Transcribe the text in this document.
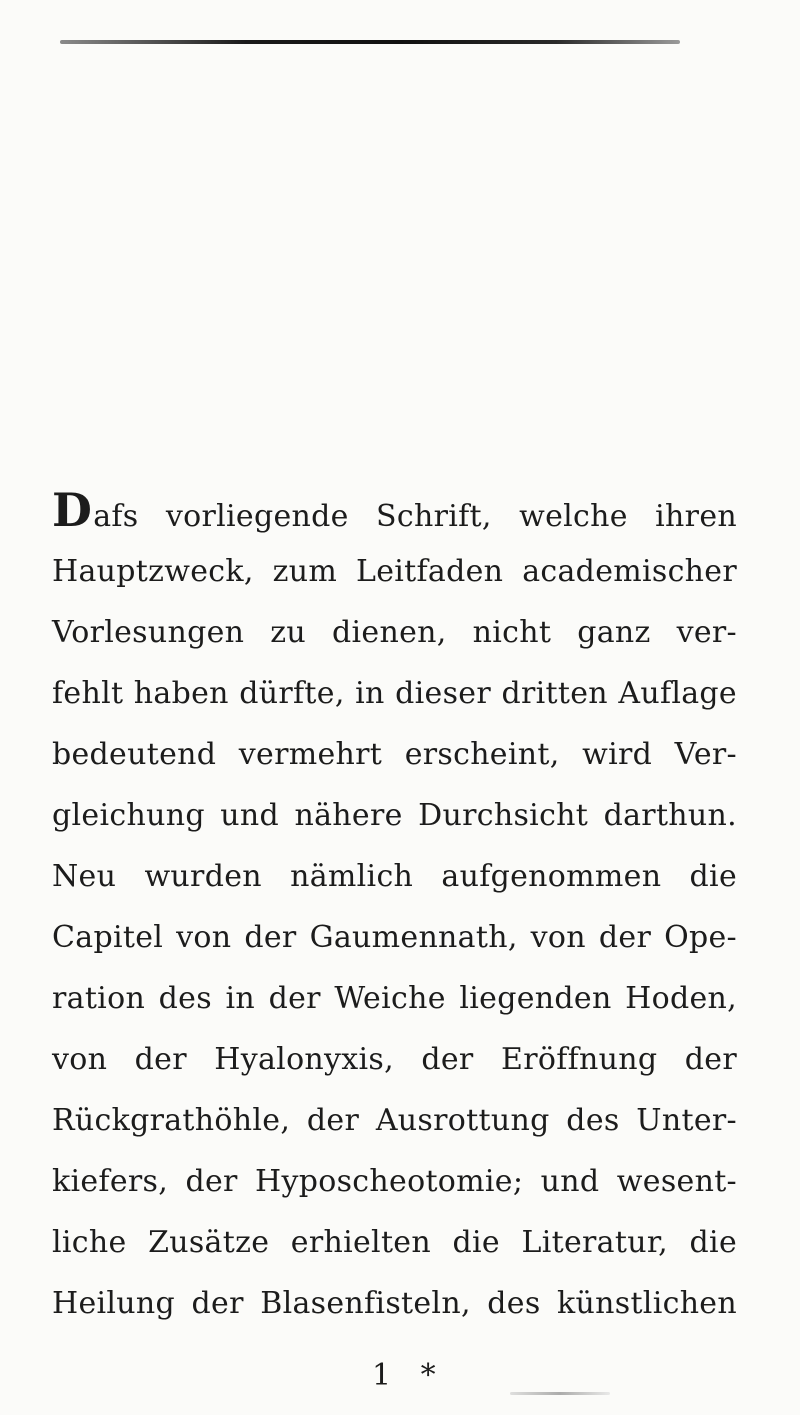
D afs vorliegende Schrift, welche ihren
Hauptzweck, zum Leitfaden academischer
Vorlesungen zu dienen, nicht ganz ver-
fehlt haben dürfte, in dieser dritten Auflage
bedeutend vermehrt erscheint, wird Ver-
gleichung und nähere Durchsicht darthun.
Neu wurden nämlich aufgenommen die
Capitel von der Gaumennath, von der Ope-
ration des in der Weiche liegenden Hoden,
von der Hyalonyxis, der Eröffnung der
Rückgrathöhle, der Ausrottung des Unter-
kiefers, der Hyposcheotomie; und wesent-
liche Zusätze erhielten die Literatur, die
Heilung der Blasenfisteln, des künstlichen
1 *
